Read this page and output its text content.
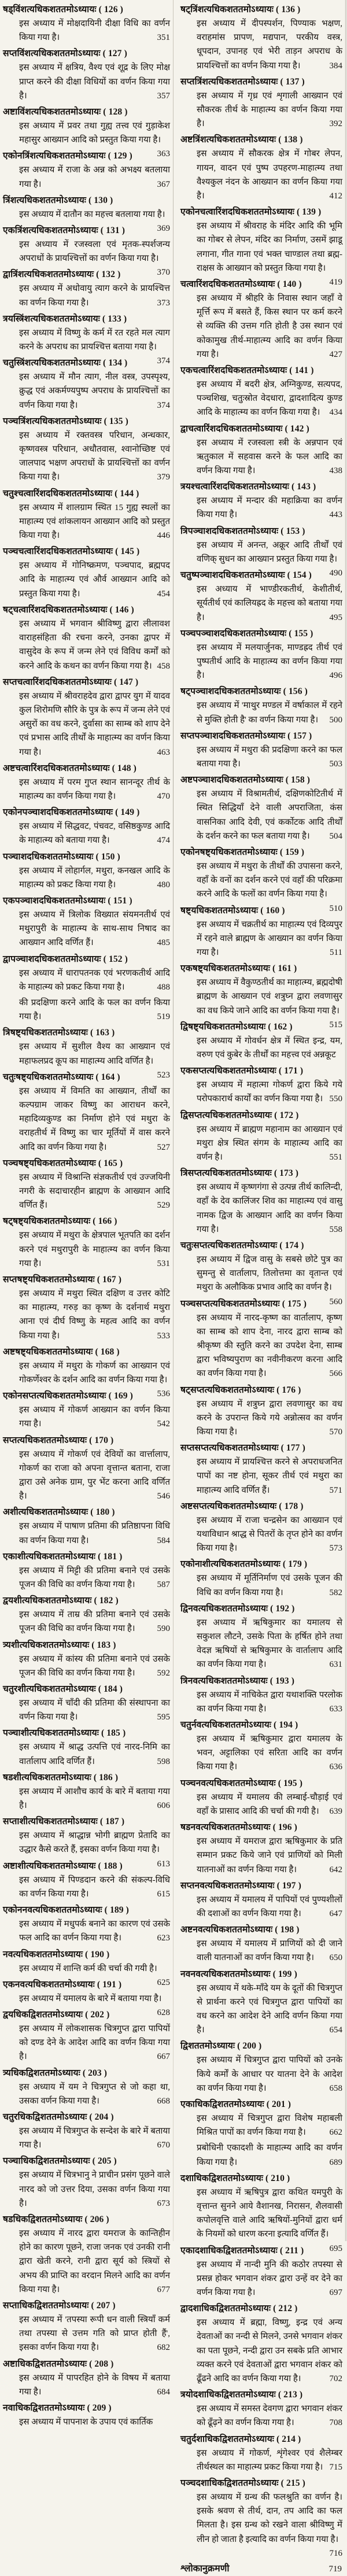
षड्विंशत्यधिकशततमोऽध्यायः ( 126 )
इस अध्याय में मोक्षदायिनी दीक्षा विधि का वर्णन किया गया है।	351
सप्तविंशत्यधिकशततमोऽध्यायः ( 127 )
इस अध्याय में क्षत्रिय, वैश्य एवं शूद्र के लिए मोक्ष प्राप्त करने की दीक्षा विधियों का वर्णन किया गया है।	357
अष्टाविंशत्यधिकशततमोऽध्यायः ( 128 )
इस अध्याय में प्रवर तथा गुह्य तत्त्व एवं गुड़ाकेश महासुर आख्यान आदि को प्रस्तुत किया गया है।
363
एकोनत्रिंशत्यधिकशततमोऽध्यायः ( 129 )
इस अध्याय में राजा के अन्न को अभक्ष्य बतलाया गया है।	367
त्रिंशत्यधिकशततमोऽध्यायः ( 130 )
इस अध्याय में दातौन का महत्त्व बतलाया गया है।
369
एकत्रिंशत्यधिकशततमोऽध्यायः ( 131 )
इस अध्याय में रजस्वला एवं मृतक-स्पर्शजन्य अपराधों के प्रायश्चित्तों का वर्णन किया गया है।
370
द्वात्रिंशत्यधिकशततमोऽध्यायः ( 132 )
इस अध्याय में अधोवायु त्याग करने के प्रायश्चित्त का वर्णन किया गया है।	373
त्रयस्त्रिंशत्यधिकशततमोऽध्यायः ( 133 )
इस अध्याय में विष्णु के कर्म में रत रहते मल त्याग करने के अपराध का प्रायश्चित्त बताया गया है।
374
चतुस्त्रिंशत्यधिकशततमोऽध्यायः ( 134 )
इस अध्याय में मौन त्याग, नील वस्त्र, उपस्पृश्य, क्रुद्ध एवं अकर्मण्यपुष्प अपराध के प्रायश्चित्तों का वर्णन किया गया है।	374
पञ्चत्रिंशत्यधिकशततमोऽध्यायः ( 135 )
इस अध्याय में रक्तवस्त्र परिधान, अन्धकार, कृष्णवस्त्र परिधान, अधौतवास, श्वानोच्छिष्ट एवं जालपाद भक्षण अपराधों के प्रायश्चित्तों का वर्णन किया गया है।	379
चतुश्चत्वारिंशदधिकशततमोऽध्यायः ( 144 )
इस अध्याय में शालग्राम स्थित 15 गुह्य स्थलों का माहात्म्य एवं शांकलायन आख्यान आदि को प्रस्तुत किया गया है।	446
पञ्चचत्वारिंशदधिकशततमोऽध्यायः ( 145 )
इस अध्याय में गोनिष्क्रमण, पञ्चपाद, ब्रह्मपद आदि के माहात्म्य एवं और्व आख्यान आदि को प्रस्तुत किया गया है।	454
षट्चत्वारिंशदधिकशततमोऽध्यायः ( 146 )
इस अध्याय में भगवान श्रीविष्णु द्वारा लीलावश वाराहसंहिता की रचना करने, उनका द्वापर में वासुदेव के रूप में जन्म लेने एवं विविध कर्मों को करने आदि के कथन का वर्णन किया गया है। 458
सप्तचत्वारिंशदधिकशततमोऽध्यायः ( 147 )
इस अध्याय में श्रीवराहदेव द्वारा द्वापर युग में यादव कुल शिरोमणि सौरि के पुत्र के रूप में जन्म लेने एवं असुरों का वध करने, दुर्वासा का साम्ब को शाप देने एवं प्रभास आदि तीर्थों के माहात्म्य का वर्णन किया गया है।	463
अष्टचत्वारिंशदधिकशततमोऽध्यायः ( 148 )
इस अध्याय में परम गुप्त स्थान सानन्दूर तीर्थ के माहात्म्य का वर्णन किया गया है।	470
एकोनपञ्चाशदधिकशततमोऽध्यायः ( 149 )
इस अध्याय में सिद्धवट, पंचवट, वसिष्ठकुण्ड आदि के माहात्म्य को बताया गया है।	474
पञ्चाशदधिकशततमोऽध्यायः ( 150 )
इस अध्याय में लोहार्गल, मथुरा, कनखल आदि के माहात्म्य को प्रकट किया गया है।	480
एकपञ्चाशदधिकशततमोऽध्यायः ( 151 )
इस अध्याय में त्रिलोक विख्यात संयमनतीर्थ एवं मथुरापुरी के माहात्म्य के साथ-साथ निषाद का आख्यान आदि वर्णित हैं।	485
द्वापञ्चाशदधिकशततमोऽध्यायः ( 152 )
इस अध्याय में धारापतनक एवं भरणकतीर्थ आदि के माहात्म्य को प्रकट किया गया है।	488
की प्रदक्षिणा करने आदि के फल का वर्णन किया गया है।	519
त्रिषष्ट्यधिकशततमोऽध्यायः ( 163 )
इस अध्याय में सुशील वैश्य का आख्यान एवं महाफलप्रद कूप का माहात्म्य आदि वर्णित है।
523
चतुःषष्ट्यधिकशततमोऽध्यायः ( 164 )
इस अध्याय में विमति का आख्यान, तीर्थों का कल्पग्राम जाकर विष्णु का आराधन करने, महादिव्यकुण्ड का निर्माण होने एवं मथुरा के वराहतीर्थ में विष्णु का चार मूर्तियों में वास करने आदि का वर्णन किया गया है।	527
पञ्चषष्ट्यधिकशततमोऽध्यायः ( 165 )
इस अध्याय में विश्रान्ति संज्ञकतीर्थ एवं उज्जयिनी नगरी के सदाचारहीन ब्राह्मण के आख्यान आदि वर्णित हैं।	529
षट्षष्ट्यधिकशततमोऽध्यायः ( 166 )
इस अध्याय में मथुरा के क्षेत्रपाल भूतपति का दर्शन करने एवं मथुरापुरी के माहात्म्य का वर्णन किया गया है।	531
सप्तषष्ट्यधिकशततमोऽध्यायः ( 167 )
इस अध्याय में मथुरा स्थित दक्षिण व उत्तर कोटि का माहात्म्य, गरुड़ का कृष्ण के दर्शनार्थ मथुरा आना एवं दीर्घ विष्णु के महत्व आदि का वर्णन किया गया है।	533
अष्टषष्ट्यधिकशततमोऽध्यायः ( 168 )
इस अध्याय में मथुरा के गोकर्ण का आख्यान एवं गोकर्णेश्वर के दर्शन आदि का वर्णन किया गया है।
536
एकोनसप्तत्यधिकशततमोऽध्यायः ( 169 )
इस अध्याय में गोकर्ण आख्यान का वर्णन किया गया है।	542
सप्तत्यधिकशततमोऽध्यायः ( 170 )
इस अध्याय में गोकर्ण एवं देवियों का वार्त्तालाप, गोकर्ण का राजा को अपना वृत्तान्त बताना, राजा द्वारा उसे अनेक ग्राम, पुर भेंट करना आदि वर्णित है।	546
अशीत्यधिकशततमोऽध्यायः ( 180 )
इस अध्याय में पाषाण प्रतिमा की प्रतिष्ठापना विधि का वर्णन किया गया है।	584
एकाशीत्यधिकशततमोऽध्यायः ( 181 )
इस अध्याय में मिट्टी की प्रतिमा बनाने एवं उसके पूजन की विधि का वर्णन किया गया है।	587
द्वयशीत्यधिकशततमोऽध्यायः ( 182 )
इस अध्याय में ताम्र की प्रतिमा बनाने एवं उसके पूजन की विधि का वर्णन किया गया है।	590
त्र्यशीत्यधिकशततमोऽध्यायः ( 183 )
इस अध्याय में कांस्य की प्रतिमा बनाने एवं उसके पूजन की विधि का वर्णन किया गया है।	592
चतुरशीत्यधिकशततमोऽध्यायः ( 184 )
इस अध्याय में चाँदी की प्रतिमा की संस्थापना का वर्णन किया गया है।	595
पञ्चाशीत्यधिकशततमोऽध्यायः ( 185 )
इस अध्याय में श्राद्ध उत्पत्ति एवं नारद-निमि का वार्तालाप आदि वर्णित हैं।	598
षडशीत्यधिकशततमोऽध्यायः ( 186 )
इस अध्याय में आशौच कार्य के बारे में बताया गया है।	606
सप्ताशीत्यधिकशततमोऽध्यायः ( 187 )
इस अध्याय में श्राद्धान्न भोगी ब्राह्मण प्रेतादि का उद्धार कैसे करते हैं, इसका वर्णन किया गया है।
613
अष्टाशीत्यधिकशततमोऽध्यायः ( 188 )
इस अध्याय में पिण्डदान करने की संकल्प-विधि का वर्णन किया गया है।	615
एकोननवत्यधिकशततमोऽध्यायः ( 189 )
इस अध्याय में मधुपर्क बनाने का कारण एवं उसके फल आदि का वर्णन किया गया है।	623
नवत्यधिकशततमोऽध्यायः ( 190 )
इस अध्याय में शान्ति कर्म की चर्चा की गयी है।
625
एकनवत्यधिकशततमोऽध्यायः ( 191 )
इस अध्याय में यमालय के बारे में बताया गया है।
628
द्वयधिकद्विशततमोऽध्यायः ( 202 )
इस अध्याय में लोकशासक चित्रगुप्त द्वारा पापियों को दण्ड देने के आदेश आदि का वर्णन किया गया है।	667
त्र्यधिकद्विशततमोऽध्यायः ( 203 )
इस अध्याय में यम ने चित्रगुप्त से जो कहा था, उसका वर्णन किया गया है।	668
चतुरधिकद्विशततमोऽध्यायः ( 204 )
इस अध्याय में चित्रगुप्त के सन्देश के बारे में बताया गया है।	670
पञ्चाधिकद्विशततमोऽध्यायः ( 205 )
इस अध्याय में चित्रभानु ने प्राचीन प्रसंग पूछने वाले नारद को जो उत्तर दिया, उसका वर्णन किया गया है।	673
षडधिकद्विशततमोऽध्यायः ( 206 )
इस अध्याय में नारद द्वारा यमराज के कान्तिहीन होने का कारण पूछने, राजा जनक एवं उनकी रानी द्वारा खेती करने, रानी द्वारा सूर्य को स्त्रियों से अभय की प्राप्ति का वरदान मिलने आदि का वर्णन किया गया है।	677
सप्ताधिकद्विशततमोऽध्यायः ( 207 )
इस अध्याय में 'तपस्या रूपी धन वाली स्त्रियाँ कर्म तथा तपस्या से उत्तम गति को प्राप्त होती हैं', इसका वर्णन किया गया है।	682
अष्टाधिकद्विशततमोऽध्यायः ( 208 )
इस अध्याय में पापरहित होने के विषय में बताया गया है।	684
नवाधिकद्विशततमोऽध्यायः ( 209 )
इस अध्याय में पापनाश के उपाय एवं कार्तिक
षट्त्रिंशत्यधिकशततमोऽध्यायः ( 136 )
इस अध्याय में दीपस्पर्शन, पिण्याक भक्षण, वराहमांस प्रापण, मद्यपान, परकीय वस्त्र, धूपदान, उपानह एवं भेरी ताड़न अपराध के प्रायश्चित्तों का वर्णन किया गया है।	384
सप्तत्रिंशत्यधिकशततमोऽध्यायः ( 137 )
इस अध्याय में गृध्र एवं शृगाली आख्यान एवं सौकरक तीर्थ के माहात्म्य का वर्णन किया गया है।	392
अष्टत्रिंशत्यधिकशततमोऽध्यायः ( 138 )
इस अध्याय में सौकरक क्षेत्र में गोबर लेपन, गायन, वादन एवं पुष्प उपहरण-माहात्म्य तथा वैश्यकुल नंदन के आख्यान का वर्णन किया गया है।	412
एकोनचत्वारिंशदधिकशततमोऽध्यायः ( 139 )
इस अध्याय में श्रीवराह के मंदिर आदि की भूमि का गोबर से लेपन, मंदिर का निर्माण, उसमें झाडू लगाना, गीत गाना एवं भक्त चाण्डाल तथा ब्रह्म-राक्षस के आख्यान को प्रस्तुत किया गया है।
419
चत्वारिंशदधिकशततमोऽध्यायः ( 140 )
इस अध्याय में श्रीहरि के निवास स्थान जहाँ वे मूर्त्ति रूप में बसते हैं, किस स्थान पर कर्म करने से व्यक्ति की उत्तम गति होती है उस स्थान एवं कोकामुख तीर्थ-माहात्म्य आदि का वर्णन किया गया है।	427
एकचत्वारिंशदधिकशततमोऽध्यायः ( 141 )
इस अध्याय में बदरी क्षेत्र, अग्निकुण्ड, सत्यपद, पञ्चशिख, चतुःस्रोत वेदधारा, द्वादशादित्य कुण्ड आदि के माहात्म्य का वर्णन किया गया है। 434
द्वाचत्वारिंशदधिकशततमोऽध्यायः ( 142 )
इस अध्याय में रजस्वला स्त्री के अन्नपान एवं ऋतुकाल में सहवास करने के फल आदि का वर्णन किया गया है।	438
त्रयश्चत्वारिंशदधिकशततमोऽध्यायः ( 143 )
इस अध्याय में मन्दार की महाक्रिया का वर्णन किया गया है।	443
त्रिपञ्चाशदधिकशततमोऽध्यायः ( 153 )
इस अध्याय में अनन्त, अक्रूर आदि तीर्थों एवं वणिक् सुधन का आख्यान प्रस्तुत किया गया है।
490
चतुष्पञ्चाशदधिकशततमोऽध्यायः ( 154 )
इस अध्याय में भाण्डीरकतीर्थ, केशीतीर्थ, सूर्यतीर्थ एवं कालियह्रद के महत्त्व को बताया गया है।	495
पञ्चपञ्चाशदधिकशततमोऽध्यायः ( 155 )
इस अध्याय में मलयार्जुनक, माण्डह्रद तीर्थ एवं पुष्पतीर्थ आदि के माहात्म्य का वर्णन किया गया है।	496
षट्पञ्चाशदधिकशततमोऽध्यायः ( 156 )
इस अध्याय में 'माथुर मण्डल में वर्षाकाल में रहने से मुक्ति होती है' का वर्णन किया गया है। 500
सप्तपञ्चाशदधिकशततमोऽध्यायः ( 157 )
इस अध्याय में मथुरा की प्रदक्षिणा करने का फल बताया गया है।	503
अष्टपञ्चाशदधिकशततमोऽध्यायः ( 158 )
इस अध्याय में विश्रामतीर्थ, दक्षिणकोटितीर्थ में स्थित सिद्धियाँ देने वाली अपराजिता, कंस वासनिका आदि देवी, एवं कर्कोटक आदि तीर्थों के दर्शन करने का फल बताया गया है। 504
एकोनषष्ट्यधिकशततमोऽध्यायः ( 159 )
इस अध्याय में मथुरा के तीर्थों की उपासना करने, वहाँ के वनों का दर्शन करने एवं वहाँ की परिक्रमा करने आदि के फलों का वर्णन किया गया है।
510
षष्ट्यधिकशततमोऽध्यायः ( 160 )
इस अध्याय में चक्रतीर्थ का माहात्म्य एवं दिव्यपुर में रहने वाले ब्राह्मण के आख्यान का वर्णन किया गया है।	511
एकषष्ट्यधिकशततमोऽध्यायः ( 161 )
इस अध्याय में वैकुण्ठतीर्थ का माहात्म्य, ब्रह्मदोषी ब्राह्मण के आख्यान एवं शत्रुघ्न द्वारा लवणासुर का वध किये जाने आदि का वर्णन किया गया है।
515
द्विषष्ट्यधिकशततमोऽध्यायः ( 162 )
इस अध्याय में गोवर्धन क्षेत्र में स्थित इन्द्र, यम, वरुण एवं कुबेर के तीर्थों का महत्त्व एवं अन्नकूट
एकसप्तत्यधिकशततमोऽध्यायः ( 171 )
इस अध्याय में महात्मा गोकर्ण द्वारा किये गये परोपकारार्थ कार्यों का वर्णन किया गया है। 550
द्विसप्तत्यधिकशततमोऽध्यायः ( 172 )
इस अध्याय में ब्राह्मण महानाम का आख्यान एवं मथुरा क्षेत्र स्थित संगम के माहात्म्य आदि का वर्णन है।	551
त्रिसप्तत्यधिकशततमोऽध्यायः ( 173 )
इस अध्याय में कृष्णगंगा से उत्पन्न तीर्थ कालिन्दी, वहाँ के देव कालिंजर शिव का माहात्म्य एवं वासु नामक द्विज के आख्यान आदि का वर्णन किया गया है।	558
चतुःसप्तत्यधिकशततमोऽध्यायः ( 174 )
इस अध्याय में द्विज वासु के सबसे छोटे पुत्र का सुमन्तु से वार्तालाप, तिलोत्तमा का वृतान्त एवं मथुरा के अलौकिक प्रभाव आदि का वर्णन है।
560
पञ्चसप्तत्यधिकशततमोऽध्यायः ( 175 )
इस अध्याय में नारद-कृष्ण का वार्तालाप, कृष्ण का साम्ब को शाप देना, नारद द्वारा साम्ब को श्रीकृष्ण की स्तुति करने का उपदेश देना, साम्ब द्वारा भविष्यपुराण का नवीनीकरण करना आदि का वर्णन किया गया है।	566
षट्सप्तत्यधिकशततमोऽध्यायः ( 176 )
इस अध्याय में शत्रुघ्न द्वारा लवणासुर का वध करने के उपरान्त किये गये अन्नोत्सव का वर्णन किया गया है।	570
सप्तसप्तत्यधिकशततमोऽध्यायः ( 177 )
इस अध्याय में प्रायश्चित्त करने से अपराधजनित पापों का नष्ट होना, सूकर तीर्थ एवं मथुरा का माहात्म्य आदि वर्णित हैं।	571
अष्टसप्तत्यधिकशततमोऽध्यायः ( 178 )
इस अध्याय में राजा चन्द्रसेन का आख्यान एवं यथाविधान श्राद्ध से पितरों के तृप्त होने का वर्णन किया गया है।	573
एकोनाशीत्यधिकशततमोऽध्यायः ( 179 )
इस अध्याय में मूर्तिनिर्माण एवं उसके पूजन की विधि का वर्णन किया गया है।	582
द्विनवत्यधिकशततमोऽध्यायः ( 192 )
इस अध्याय में ऋषिकुमार का यमालय से सकुशल लौटने, उसके पिता के हर्षित होने तथा वेदज्ञ ऋषियों से ऋषिकुमार के वार्तालाप आदि का वर्णन किया गया है।	631
त्रिनवत्यधिकशततमोऽध्यायः ( 193 )
इस अध्याय में नाचिकेत द्वारा यथाशक्ति परलोक का वर्णन किया गया है।	633
चतुर्नवत्यधिकशततमोऽध्यायः ( 194 )
इस अध्याय में ऋषिकुमार द्वारा यमालय के भवन, अट्टालिका एवं सरिता आदि का वर्णन किया गया है।	636
पञ्चनवत्यधिकशततमोऽध्यायः ( 195 )
इस अध्याय में यमालय की लम्बाई-चौड़ाई एवं वहाँ के प्रासाद आदि की चर्चा की गयी है। 639
षडनवत्यधिकशततमोऽध्यायः ( 196 )
इस अध्याय में यमराज द्वारा ऋषिकुमार के प्रति सम्मान प्रकट किये जाने एवं प्राणियों को मिली यातनाओं का वर्णन किया गया है।	642
सप्तनवत्यधिकशततमोऽध्यायः ( 197 )
इस अध्याय में यमालय में पापियों एवं पुण्यशीलों की दशाओं का वर्णन किया गया है।	647
अष्टनवत्यधिकशततमोऽध्यायः ( 198 )
इस अध्याय में यमालय में प्राणियों को दी जाने वाली यातनाओं का वर्णन किया गया है। 650
नवनवत्यधिकशततमोऽध्यायः ( 199 )
इस अध्याय में थके-माँदे यम के दूतों की चित्रगुप्त से प्रार्थना करने एवं चित्रगुप्त द्वारा पापियों का वध करने का आदेश देने आदि वर्णन किया गया है।	654
द्विशततमोऽध्यायः ( 200 )
इस अध्याय में चित्रगुप्त द्वारा पापियों को उनके किये कर्मों के आधार पर यातना देने के आदेश का वर्णन किया गया है।	658
एकाधिकद्विशततमोऽध्यायः ( 201 )
इस अध्याय में चित्रगुप्त द्वारा विशेष महाबली मिश्रित पापों का वर्णन किया गया है।	662
प्रबोधिनी एकादशी के माहात्म्य आदि का वर्णन किया गया है।	689
दशाधिकद्विशततमोऽध्यायः ( 210 )
इस अध्याय में ऋषिपुत्र द्वारा कथित यमपुरी के वृत्तान्त सुनने आये वैशानख, निरासन, शैलवासी कपोलवृत्ति वाले आदि ऋषियों-मुनियों द्वारा धर्म के नियमों को धारण करना इत्यादि वर्णित हैं।
695
एकादशाधिकद्विशततमोऽध्यायः ( 211 )
इस अध्याय में नान्दी मुनि की कठोर तपस्या से प्रसन्न होकर भगवान शंकर द्वारा उन्हें वर देने का वर्णन किया गया है।	697
द्वादशाधिकद्विशततमोऽध्यायः ( 212 )
इस अध्याय में ब्रह्मा, विष्णु, इन्द्र एवं अन्य देवताओं का नन्दी से मिलने, उनसे भगवान शंकर का पता पूछने, नन्दी द्वारा उन सबके प्रति आभार व्यक्त करने एवं देवताओं द्वारा भगवान शंकर को ढूँढने आदि का वर्णन किया गया है।	702
त्रयोदशाधिकद्विशततमोऽध्यायः ( 213 )
इस अध्याय में समस्त देवगण द्वारा भगवान शंकर को ढूँढ़ने का वर्णन किया गया है।	708
चतुर्दशाधिकद्विशततमोऽध्यायः ( 214 )
इस अध्याय में गोकर्ण, शृंगेश्वर एवं शैलेम्बर तीर्थस्थल का माहात्म्य प्रकट किया गया है। 715
पञ्चदशाधिकद्विशततमोऽध्यायः ( 215 )
इस अध्याय में ग्रन्थ की फलश्रुति का वर्णन है। इसके श्रवण से तीर्थ, दान, तप आदि का फल मिलता है। इस ग्रन्थ को रखने वाला श्रीविष्णु में लीन हो जाता है इत्यादि का वर्णन किया गया है।
716
श्लोकानुक्रमणी	719
